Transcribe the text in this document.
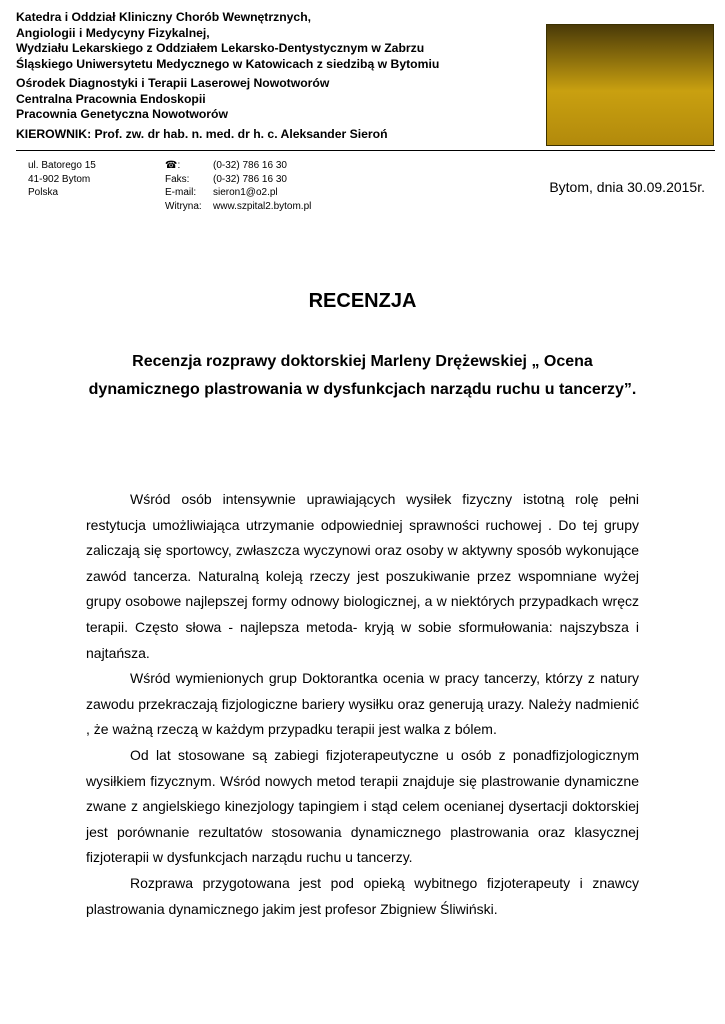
Katedra i Oddział Kliniczny Chorób Wewnętrznych,
Angiologii i Medycyny Fizykalnej,
Wydziału Lekarskiego z Oddziałem Lekarsko-Dentystycznym w Zabrzu
Śląskiego Uniwersytetu Medycznego w Katowicach z siedzibą w Bytomiu
Ośrodek Diagnostyki i Terapii Laserowej Nowotworów
Centralna Pracownia Endoskopii
Pracownia Genetyczna Nowotworów
KIEROWNIK: Prof. zw. dr hab. n. med. dr h. c. Aleksander Sieroń
ul. Batorego 15
41-902 Bytom
Polska
☎:	(0-32) 786 16 30
Faks:	(0-32) 786 16 30
E-mail:	sieron1@o2.pl
Witryna:	www.szpital2.bytom.pl
Bytom, dnia 30.09.2015r.
RECENZJA
Recenzja rozprawy doktorskiej Marleny Drężewskiej „ Ocena
dynamicznego plastrowania w dysfunkcjach narządu ruchu u tancerzy”.

Wśród osób intensywnie uprawiających wysiłek fizyczny istotną rolę pełni restytucja umożliwiająca utrzymanie odpowiedniej sprawności ruchowej . Do tej grupy zaliczają się sportowcy, zwłaszcza wyczynowi oraz osoby w aktywny sposób wykonujące zawód tancerza. Naturalną koleją rzeczy jest poszukiwanie przez wspomniane wyżej grupy osobowe najlepszej formy odnowy biologicznej, a w niektórych przypadkach wręcz terapii. Często słowa - najlepsza metoda- kryją w sobie sformułowania: najszybsza i najtańsza.

Wśród wymienionych grup Doktorantka ocenia w pracy tancerzy, którzy z natury zawodu przekraczają fizjologiczne bariery wysiłku oraz generują urazy. Należy nadmienić , że ważną rzeczą w każdym przypadku terapii jest walka z bólem.

Od lat stosowane są zabiegi fizjoterapeutyczne u osób z ponadfizjologicznym wysiłkiem fizycznym. Wśród nowych metod terapii znajduje się plastrowanie dynamiczne zwane z angielskiego kinezjology tapingiem i stąd celem ocenianej dysertacji doktorskiej jest porównanie rezultatów stosowania dynamicznego plastrowania oraz klasycznej fizjoterapii w dysfunkcjach narządu ruchu u tancerzy.

Rozprawa przygotowana jest pod opieką wybitnego fizjoterapeuty i znawcy plastrowania dynamicznego jakim jest profesor Zbigniew Śliwiński.
